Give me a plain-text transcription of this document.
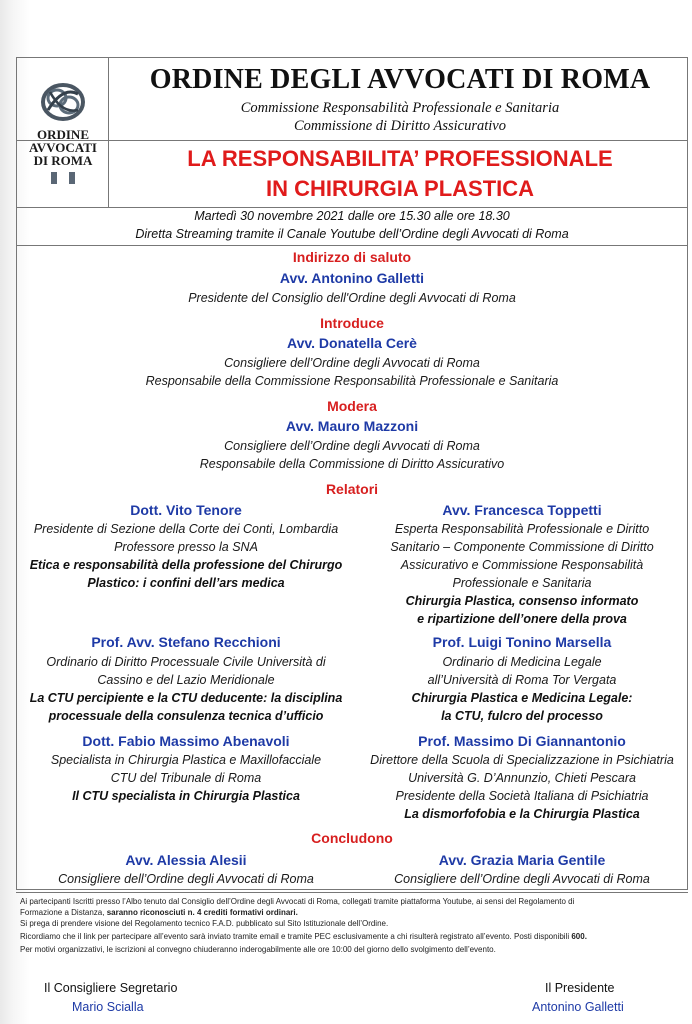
ORDINE
AVVOCATI
DI ROMA
ORDINE DEGLI AVVOCATI DI ROMA
Commissione Responsabilità Professionale e Sanitaria
Commissione di Diritto Assicurativo
LA RESPONSABILITA’ PROFESSIONALE
IN CHIRURGIA PLASTICA
Martedì 30 novembre 2021 dalle ore 15.30 alle ore 18.30
Diretta Streaming tramite il Canale Youtube dell’Ordine degli Avvocati di Roma
Indirizzo di saluto
Avv. Antonino Galletti
Presidente del Consiglio dell'Ordine degli Avvocati di Roma
Introduce
Avv. Donatella Cerè
Consigliere dell’Ordine degli Avvocati di Roma
Responsabile della Commissione Responsabilità Professionale e Sanitaria
Modera
Avv. Mauro Mazzoni
Consigliere dell’Ordine degli Avvocati di Roma
Responsabile della Commissione di Diritto Assicurativo
Relatori
Dott. Vito Tenore
Presidente di Sezione della Corte dei Conti, Lombardia
Professore presso la SNA
Etica e responsabilità della professione del Chirurgo
Plastico: i confini dell’ars medica
Avv. Francesca Toppetti
Esperta Responsabilità Professionale e Diritto
Sanitario – Componente Commissione di Diritto
Assicurativo e Commissione Responsabilità
Professionale e Sanitaria
Chirurgia Plastica, consenso informato
e ripartizione dell’onere della prova
Prof. Avv. Stefano Recchioni
Ordinario di Diritto Processuale Civile Università di
Cassino e del Lazio Meridionale
La CTU percipiente e la CTU deducente: la disciplina
processuale della consulenza tecnica d’ufficio
Prof. Luigi Tonino Marsella
Ordinario di Medicina Legale
all’Università di Roma Tor Vergata
Chirurgia Plastica e Medicina Legale:
la CTU, fulcro del processo
Dott. Fabio Massimo Abenavoli
Specialista in Chirurgia Plastica e Maxillofacciale
CTU del Tribunale di Roma
Il CTU specialista in Chirurgia Plastica
Prof. Massimo Di Giannantonio
Direttore della Scuola di Specializzazione in Psichiatria
Università G. D’Annunzio, Chieti Pescara
Presidente della Società Italiana di Psichiatria
La dismorfofobia e la Chirurgia Plastica
Concludono
Avv. Alessia Alesii
Consigliere dell’Ordine degli Avvocati di Roma
Avv. Grazia Maria Gentile
Consigliere dell’Ordine degli Avvocati di Roma
Ai partecipanti Iscritti presso l’Albo tenuto dal Consiglio dell’Ordine degli Avvocati di Roma, collegati tramite piattaforma Youtube, ai sensi del Regolamento di
Formazione a Distanza, saranno riconosciuti n. 4 crediti formativi ordinari.
Si prega di prendere visione del Regolamento tecnico F.A.D. pubblicato sul Sito Istituzionale dell’Ordine.
Ricordiamo che il link per partecipare all’evento sarà inviato tramite email e tramite PEC esclusivamente a chi risulterà registrato all’evento. Posti disponibili 600.
Per motivi organizzativi, le iscrizioni al convegno chiuderanno inderogabilmente alle ore 10:00 del giorno dello svolgimento dell’evento.
Il Consigliere Segretario
Mario Scialla
Il Presidente
Antonino Galletti
